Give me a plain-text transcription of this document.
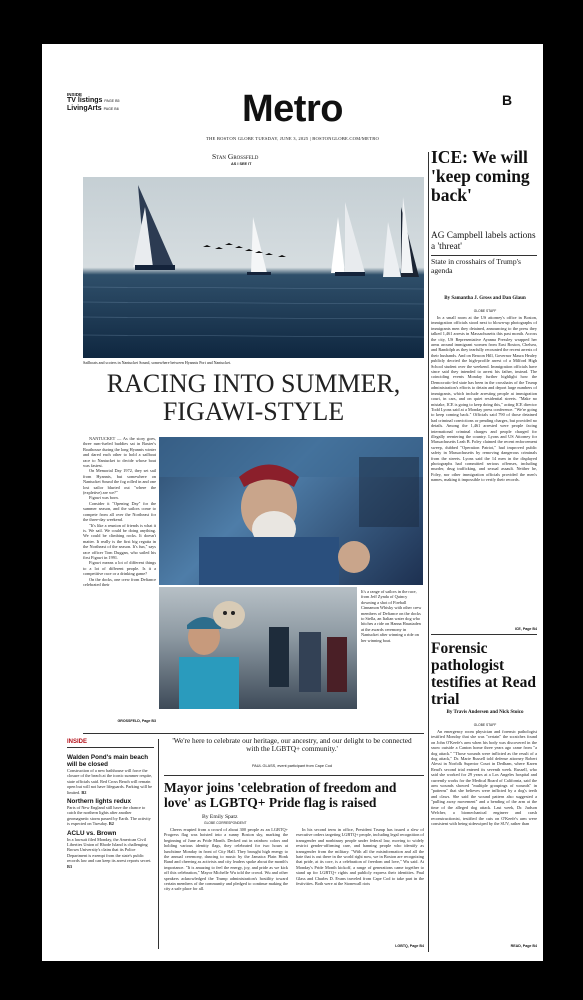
INSIDE
TV listings PAGE B5
LivingArts PAGE B6	Metro	B
THE BOSTON GLOBE TUESDAY, JUNE 3, 2025 | BOSTONGLOBE.COM/METRO
Stan Grossfeld
AS I SEE IT
Sailboats and scoters in Nantucket Sound, somewhere between Hyannis Port and Nantucket.
RACING INTO SUMMER,
FIGAWI-STYLE

NANTUCKET — As the story goes, three rum-fueled buddies sat in Baxter's Boathouse during the long Hyannis winter and dared each other to hold a sailboat race to Nantucket to decide whose boat was fastest.

On Memorial Day 1972, they set sail from Hyannis, but somewhere on Nantucket Sound the fog rolled in and one lost sailor blurted out "where the (expletive) are we?"

Figawi was born.

Consider it "Opening Day" for the summer season, and the sailors come to compete from all over the Northeast for the three-day weekend.

"It's like a reunion of friends is what it is. We sail. We could be doing anything. We could be climbing rocks. It doesn't matter. It really is the first big regatta in the Northeast of the season. It's fun," says race officer Tom Duggan, who sailed his first Figawi in 1991.

Figawi means a lot of different things to a lot of different people. Is it a competitive race or a drinking game?

On the docks, one crew from Defiance celebrated their

GROSSFELD, Page B3
It's a range of sailors in the race, from Jeff Zynda of Quincy downing a shot of Fireball Cinnamon Whisky with other crew members of Defiance on the docks to Stella, an Italian water dog who hitches a ride on Hanna Haustaden at the awards ceremony in Nantucket after winning a ride on her winning boat.
INSIDE
Walden Pond's main beach will be closed
Construction of a new bathhouse will force the closure of the beach at the iconic summer respite, state officials said. Red Cross Beach will remain open but will not have lifeguards. Parking will be limited. B2
Northern lights redux
Parts of New England still have the chance to catch the northern lights after another geomagnetic storm passed by Earth. The activity is expected on Tuesday. B2
ACLU vs. Brown
In a lawsuit filed Monday, the American Civil Liberties Union of Rhode Island is challenging Brown University's claim that its Police Department is exempt from the state's public records law and can keep its arrest reports secret. B3
'We're here to celebrate our heritage, our ancestry, and our delight to be connected with the LGBTQ+ community.'
PAUL GLASS, event participant from Cape Cod
Mayor joins 'celebration of freedom and love' as LGBTQ+ Pride flag is raised
By Emily Spatz
GLOBE CORRESPONDENT
Cheers erupted from a crowd of about 300 people as an LGBTQ+ Progress flag was hoisted into a sunny Boston sky, marking the beginning of June as Pride Month. Decked out in rainbow colors and holding various identity flags, they celebrated for two hours at lunchtime Monday in front of City Hall. They brought high energy to the annual ceremony, dancing to music by the Jamaica Plain Honk Band and cheering as activists and city leaders spoke about the month's importance. "It is amazing to feel the energy, joy, and pride as we kick off this celebration," Mayor Michelle Wu told the crowd. Wu and other speakers acknowledged the Trump administration's hostility toward certain members of the community and pledged to continue making the city a safe place for all.
In his second term in office, President Trump has issued a slew of executive orders targeting LGBTQ+ people, including legal recognition of transgender and nonbinary people under federal law, moving to widely restrict gender-affirming care, and banning people who identify as transgender from the military. "With all the misinformation and all the hate that is out there in the world right now, we in Boston are recognizing that pride, at its core, is a celebration of freedom and love," Wu said. At Monday's Pride Month kickoff, a range of generations came together to stand up for LGBTQ+ rights and publicly express their identities. Paul Glass and Charles D. Evans traveled from Cape Cod to take part in the festivities. Both were at the Stonewall riots
LGBTQ, Page B4
ICE: We will 'keep coming back'
AG Campbell labels actions a 'threat'
State in crosshairs of Trump's agenda
By Samantha J. Gross and Dan Glaun
GLOBE STAFF
In a small room at the US attorney's office in Boston, immigration officials stood next to blown-up photographs of immigrants men they detained, announcing to the press they talked 1,461 arrests in Massachusetts this past month. Across the city, US Representative Ayanna Pressley wrapped her arms around immigrant women from East Boston, Chelsea, and Randolph as they tearfully recounted the recent arrests of their husbands. And on Beacon Hill, Governor Maura Healey publicly decried the high-profile arrest of a Milford High School student over the weekend. Immigration officials have since said they intended to arrest his father, instead. The coinciding events Monday further highlight how the Democratic-led state has been in the crosshairs of the Trump administration's efforts to detain and deport large numbers of immigrants, which include arresting people at immigration court, in cars, and on quiet residential streets. "Make no mistake, ICE is going to keep doing this," acting ICE director Todd Lyons said at a Monday press conference. "We're going to keep coming back." Officials said 790 of those detained had criminal convictions or pending charges, but provided no details. Among the 1,461 arrested were people facing international criminal charges and people charged for illegally reentering the country. Lyons and US Attorney for Massachusetts Leah B. Foley claimed the recent enforcement sweep, dubbed "Operation Patriot," had improved public safety in Massachusetts by removing dangerous criminals from the streets. Lyons said the 14 men in the displayed photographs had committed serious offenses, including murder, drug trafficking, and sexual assault. Neither he, Foley, nor other immigration officials provided the men's names, making it impossible to verify their records.
ICE, Page B4
Forensic pathologist testifies at Read trial
By Travis Andersen and Nick Stoico
GLOBE STAFF
An emergency room physician and forensic pathologist testified Monday that she was "certain" the scratches found on John O'Keefe's arm when his body was discovered in the snow outside a Canton home three years ago came from "a dog attack." "Those wounds were inflicted as the result of a dog attack," Dr. Marie Russell told defense attorney Robert Alessi in Norfolk Superior Court in Dedham, where Karen Read's second trial entered its seventh week. Russell, who said she worked for 29 years at a Los Angeles hospital and currently works for the Medical Board of California, said the arm wounds showed "multiple groupings of wounds" in "patterns" that she believes were inflicted by a dog's teeth and claws. She said the wound pattern also suggested a "pulling away movement" and a bending of the arm at the time of the alleged dog attack. Last week, Dr. Judson Welcher, a biomechanical engineer and crash reconstructionist, testified the cuts on O'Keefe's arm were consistent with being sideswiped by the SUV, rather than
READ, Page B4
